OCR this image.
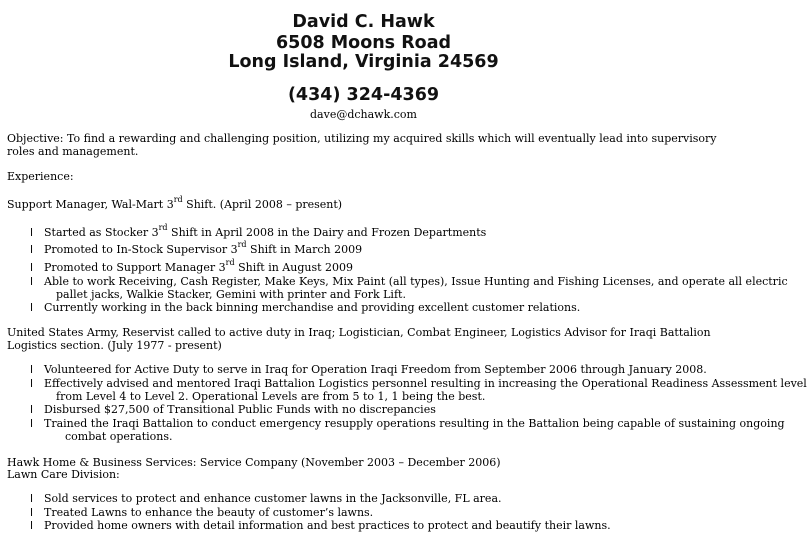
David C. Hawk
6508 Moons Road
Long Island, Virginia 24569
(434) 324-4369
dave@dchawk.com
Objective: To find a rewarding and challenging position, utilizing my acquired skills which will eventually lead into supervisory roles and management.
Experience:
Support Manager, Wal-Mart 3rd Shift. (April 2008 – present)
l Started as Stocker 3rd Shift in April 2008 in the Dairy and Frozen Departments
l Promoted to In-Stock Supervisor 3rd Shift in March 2009
l Promoted to Support Manager 3rd Shift in August 2009
l Able to work Receiving, Cash Register, Make Keys, Mix Paint (all types), Issue Hunting and Fishing Licenses, and operate all electric
pallet jacks, Walkie Stacker, Gemini with printer and Fork Lift.
l Currently working in the back binning merchandise and providing excellent customer relations.
United States Army, Reservist called to active duty in Iraq; Logistician, Combat Engineer, Logistics Advisor for Iraqi Battalion Logistics section. (July 1977 - present)
l Volunteered for Active Duty to serve in Iraq for Operation Iraqi Freedom from September 2006 through January 2008.
l Effectively advised and mentored Iraqi Battalion Logistics personnel resulting in increasing the Operational Readiness Assessment level
from Level 4 to Level 2. Operational Levels are from 5 to 1, 1 being the best.
l Disbursed $27,500 of Transitional Public Funds with no discrepancies
l Trained the Iraqi Battalion to conduct emergency resupply operations resulting in the Battalion being capable of sustaining ongoing
combat operations.
Hawk Home & Business Services: Service Company (November 2003 – December 2006)
Lawn Care Division:
l Sold services to protect and enhance customer lawns in the Jacksonville, FL area.
l Treated Lawns to enhance the beauty of customer’s lawns.
l Provided home owners with detail information and best practices to protect and beautify their lawns.
